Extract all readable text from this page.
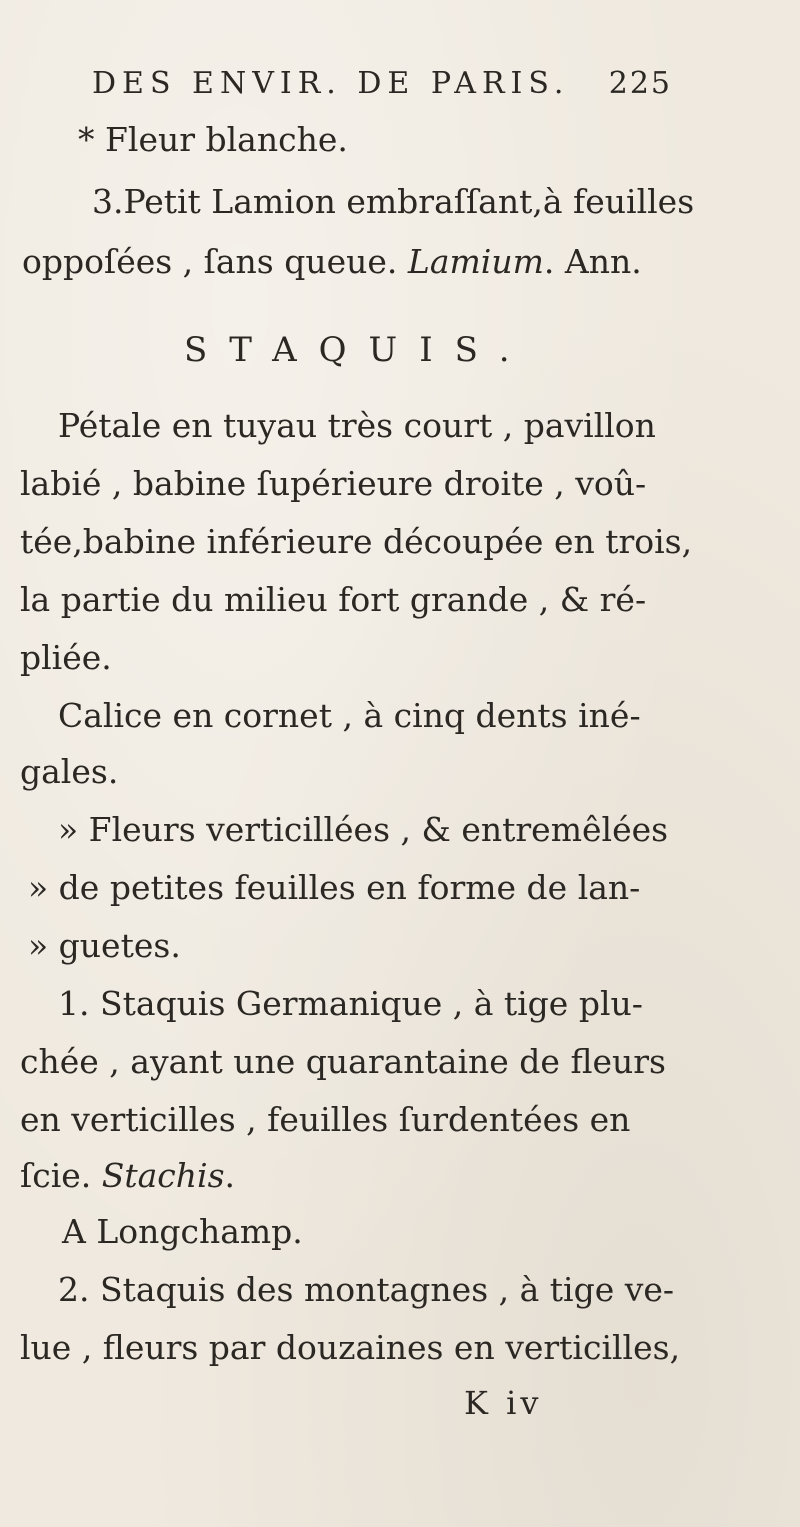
DES ENVIR. DE PARIS. 225
* Fleur blanche.
3.Petit Lamion embraſſant,à feuilles
oppoſées , ſans queue. Lamium. Ann.
STAQUIS.
Pétale en tuyau très court , pavillon
labié , babine ſupérieure droite , voû-
tée,babine inférieure découpée en trois,
la partie du milieu fort grande , & ré-
pliée.
Calice en cornet , à cinq dents iné-
gales.
» Fleurs verticillées , & entremêlées
» de petites feuilles en forme de lan-
» guetes.
1. Staquis Germanique , à tige plu-
chée , ayant une quarantaine de fleurs
en verticilles , feuilles ſurdentées en
ſcie. Stachis.
A Longchamp.
2. Staquis des montagnes , à tige ve-
lue , fleurs par douzaines en verticilles,
K iv
